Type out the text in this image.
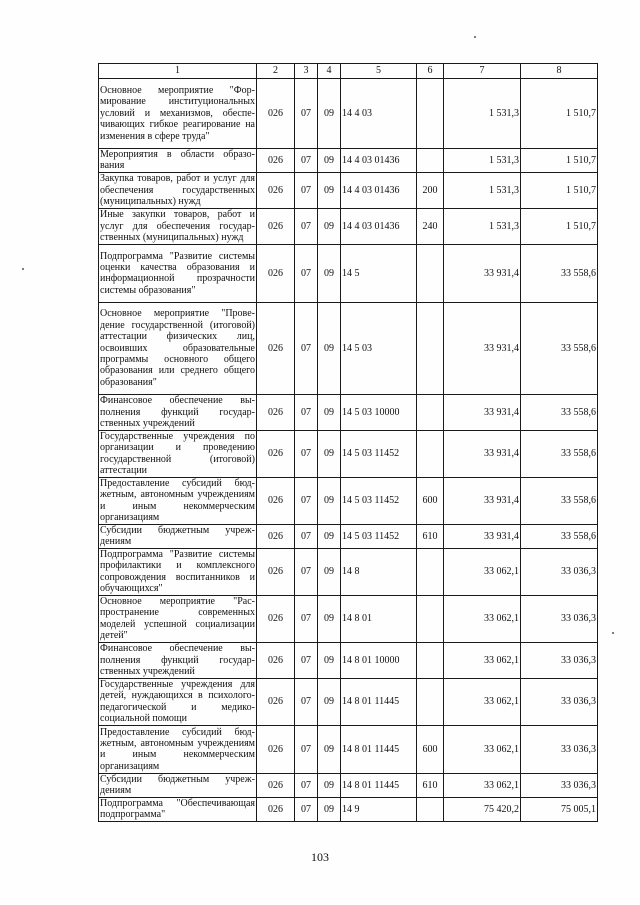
1	2	3	4	5	6	7	8
Основное мероприятие "Формирование институциональных условий и механизмов, обеспечивающих гибкое реагирование на изменения в сфере труда"	026	07	09	14 4 03		1 531,3	1 510,7
Мероприятия в области образования	026	07	09	14 4 03 01436		1 531,3	1 510,7
Закупка товаров, работ и услуг для обеспечения государственных (муниципальных) нужд	026	07	09	14 4 03 01436	200	1 531,3	1 510,7
Иные закупки товаров, работ и услуг для обеспечения государственных (муниципальных) нужд	026	07	09	14 4 03 01436	240	1 531,3	1 510,7
Подпрограмма "Развитие системы оценки качества образования и информационной прозрачности системы образования"	026	07	09	14 5		33 931,4	33 558,6
Основное мероприятие "Проведение государственной (итоговой) аттестации физических лиц, освоивших образовательные программы основного общего образования или среднего общего образования"	026	07	09	14 5 03		33 931,4	33 558,6
Финансовое обеспечение выполнения функций государственных учреждений	026	07	09	14 5 03 10000		33 931,4	33 558,6
Государственные учреждения по организации и проведению государственной (итоговой) аттестации	026	07	09	14 5 03 11452		33 931,4	33 558,6
Предоставление субсидий бюджетным, автономным учреждениям и иным некоммерческим организациям	026	07	09	14 5 03 11452	600	33 931,4	33 558,6
Субсидии бюджетным учреждениям	026	07	09	14 5 03 11452	610	33 931,4	33 558,6
Подпрограмма "Развитие системы профилактики и комплексного сопровождения воспитанников и обучающихся"	026	07	09	14 8		33 062,1	33 036,3
Основное мероприятие "Распространение современных моделей успешной социализации детей"	026	07	09	14 8 01		33 062,1	33 036,3
Финансовое обеспечение выполнения функций государственных учреждений	026	07	09	14 8 01 10000		33 062,1	33 036,3
Государственные учреждения для детей, нуждающихся в психолого-педагогической и медико-социальной помощи	026	07	09	14 8 01 11445		33 062,1	33 036,3
Предоставление субсидий бюджетным, автономным учреждениям и иным некоммерческим организациям	026	07	09	14 8 01 11445	600	33 062,1	33 036,3
Субсидии бюджетным учреждениям	026	07	09	14 8 01 11445	610	33 062,1	33 036,3
Подпрограмма "Обеспечивающая подпрограмма"	026	07	09	14 9		75 420,2	75 005,1
103
